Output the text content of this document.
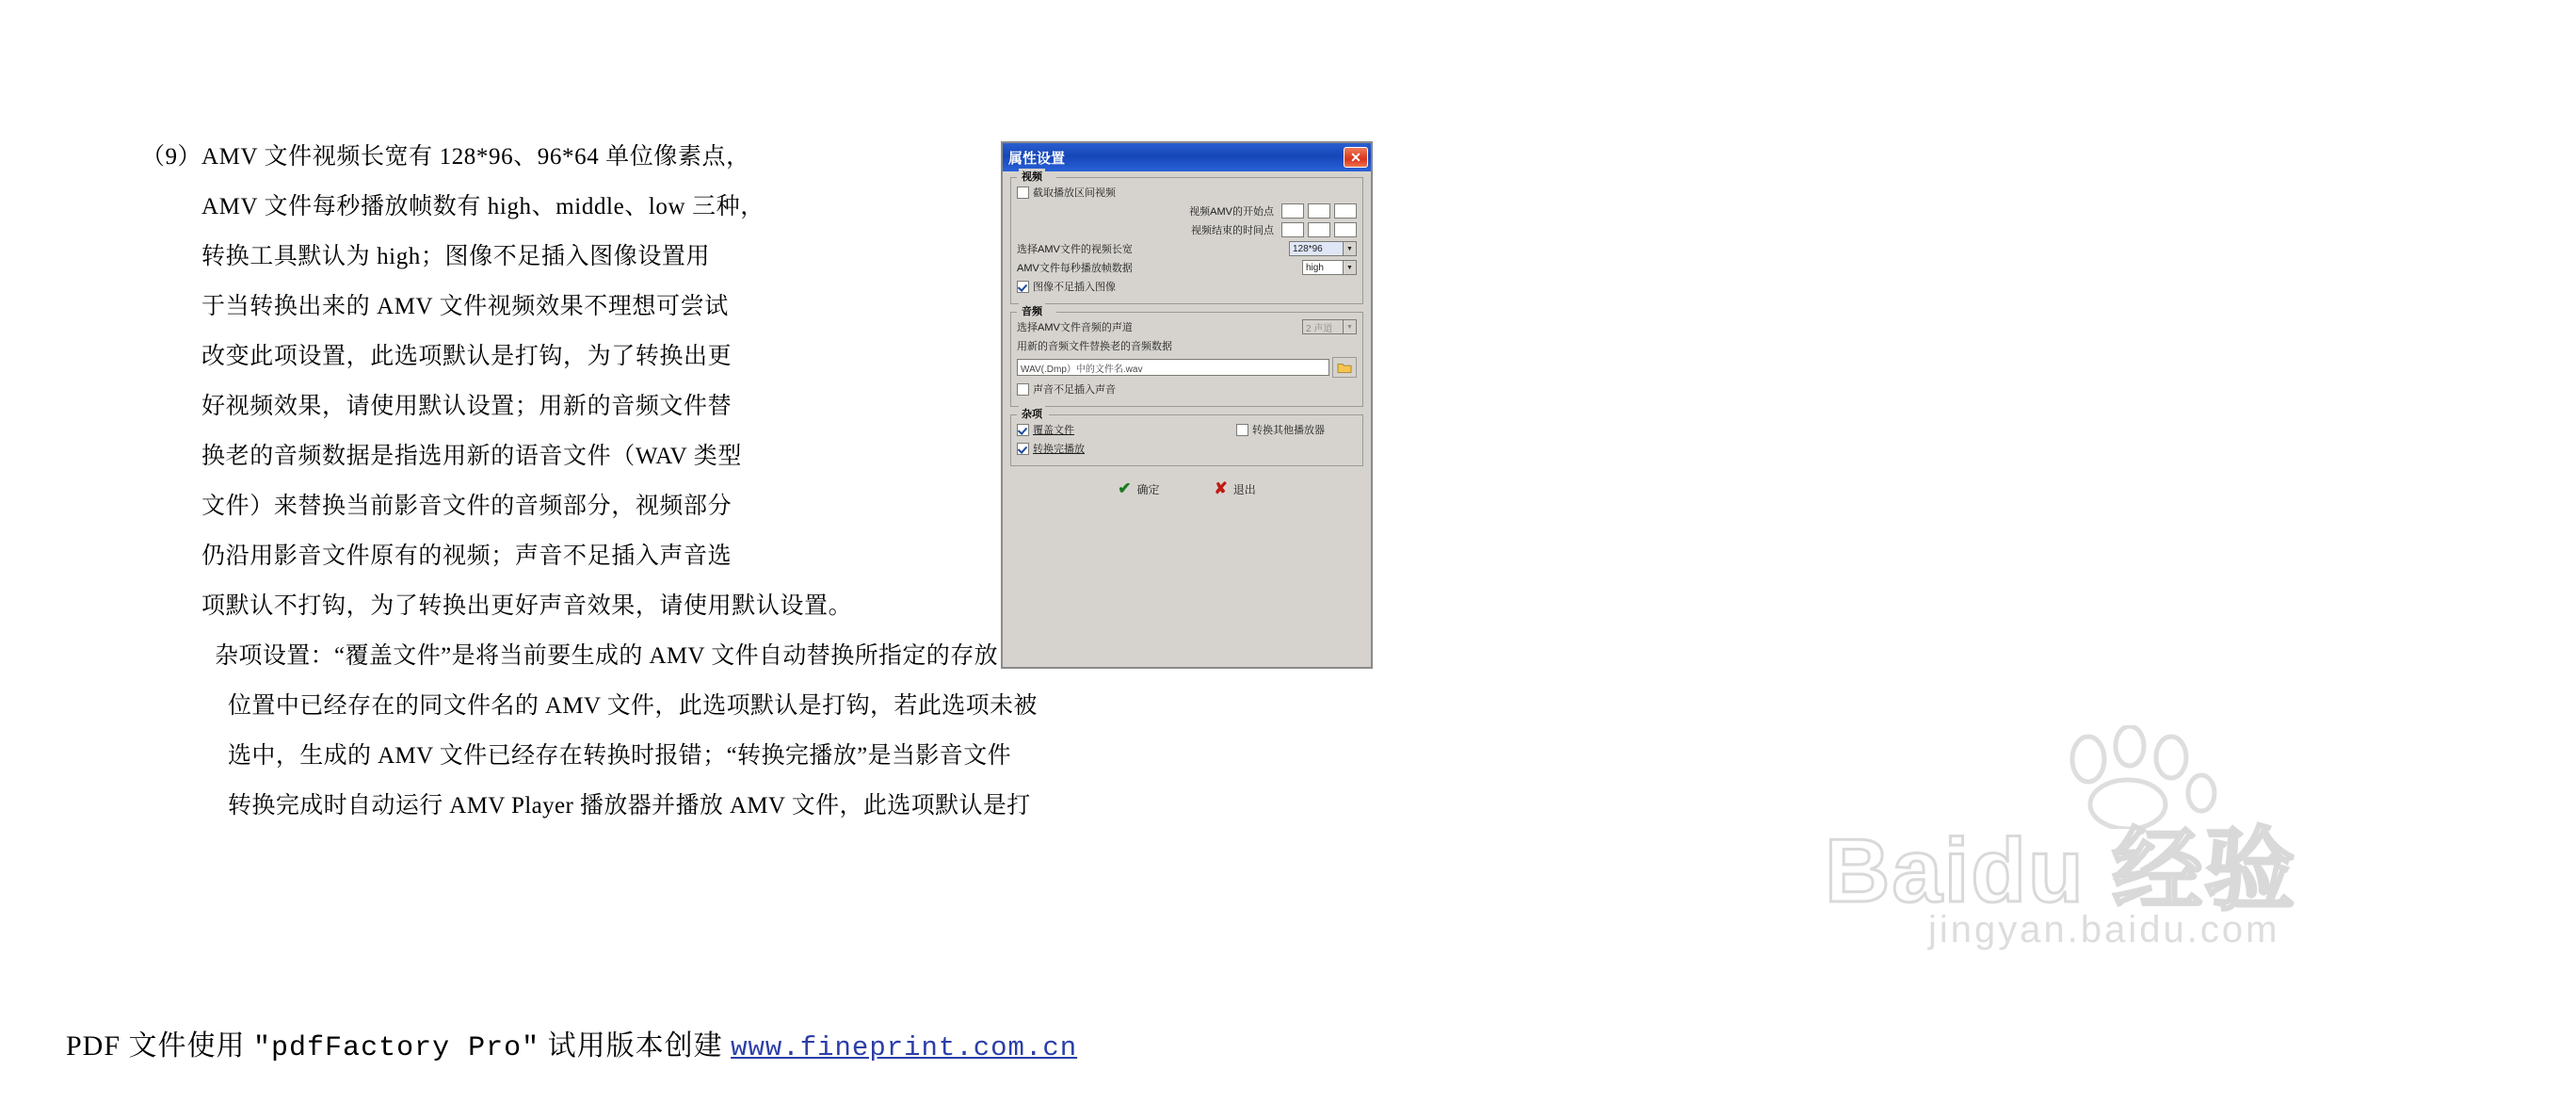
（9） AMV 文件视频长宽有 128*96、96*64 单位像素点，
AMV 文件每秒播放帧数有 high、middle、low 三种，
转换工具默认为 high；图像不足插入图像设置用
于当转换出来的 AMV 文件视频效果不理想可尝试
改变此项设置，此选项默认是打钩，为了转换出更
好视频效果，请使用默认设置；用新的音频文件替
换老的音频数据是指选用新的语音文件（WAV 类型
文件）来替换当前影音文件的音频部分，视频部分
仍沿用影音文件原有的视频；声音不足插入声音选
项默认不打钩，为了转换出更好声音效果，请使用默认设置。
杂项设置：“覆盖文件”是将当前要生成的 AMV 文件自动替换所指定的存放
位置中已经存在的同文件名的 AMV 文件，此选项默认是打钩，若此选项未被
选中，生成的 AMV 文件已经存在转换时报错；“转换完播放”是当影音文件
转换完成时自动运行 AMV Player 播放器并播放 AMV 文件，此选项默认是打
属性设置	✕
视频
截取播放区间视频
视频AMV的开始点
视频结束的时间点
选择AMV文件的视频长宽	128*96	▼
AMV文件每秒播放帧数据	high	▼
图像不足插入图像
音频
选择AMV文件音频的声道	2 声道	▼
用新的音频文件替换老的音频数据
WAV(.Dmp）中的文件名.wav
声音不足插入声音
杂项
覆盖文件	转换其他播放器
转换完播放
✔ 确定	✘ 退出
Baidu 经验
jingyan.baidu.com
PDF 文件使用 "pdfFactory Pro" 试用版本创建 www.fineprint.com.cn
